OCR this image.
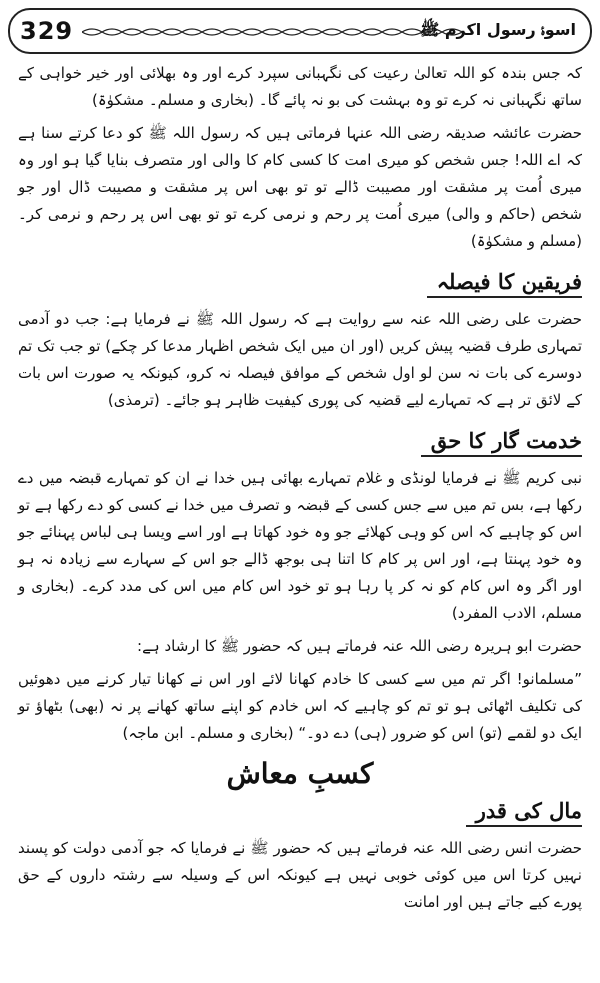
329	اسوۂ رسول اکرم ﷺ

کہ جس بندہ کو اللہ تعالیٰ رعیت کی نگہبانی سپرد کرے اور وہ بھلائی اور خیر خواہی کے ساتھ نگہبانی نہ کرے تو وہ بہشت کی بو نہ پائے گا۔ (بخاری و مسلم۔ مشکوٰۃ)

حضرت عائشہ صدیقہ رضی اللہ عنہا فرماتی ہیں کہ رسول اللہ ﷺ کو دعا کرتے سنا ہے کہ اے اللہ! جس شخص کو میری امت کا کسی کام کا والی اور متصرف بنایا گیا ہو اور وہ میری اُمت پر مشقت اور مصیبت ڈالے تو تو بھی اس پر مشقت و مصیبت ڈال اور جو شخص (حاکم و والی) میری اُمت پر رحم و نرمی کرے تو تو بھی اس پر رحم و نرمی کر۔ (مسلم و مشکوٰۃ)

فریقین کا فیصلہ

حضرت علی رضی اللہ عنہ سے روایت ہے کہ رسول اللہ ﷺ نے فرمایا ہے: جب دو آدمی تمہاری طرف قضیہ پیش کریں (اور ان میں ایک شخص اظہار مدعا کر چکے) تو جب تک تم دوسرے کی بات نہ سن لو اول شخص کے موافق فیصلہ نہ کرو، کیونکہ یہ صورت اس بات کے لائق تر ہے کہ تمہارے لیے قضیہ کی پوری کیفیت ظاہر ہو جائے۔ (ترمذی)

خدمت گار کا حق

نبی کریم ﷺ نے فرمایا لونڈی و غلام تمہارے بھائی ہیں خدا نے ان کو تمہارے قبضہ میں دے رکھا ہے، بس تم میں سے جس کسی کے قبضہ و تصرف میں خدا نے کسی کو دے رکھا ہے تو اس کو چاہیے کہ اس کو وہی کھلائے جو وہ خود کھاتا ہے اور اسے ویسا ہی لباس پہنائے جو وہ خود پہنتا ہے، اور اس پر کام کا اتنا ہی بوجھ ڈالے جو اس کے سہارے سے زیادہ نہ ہو اور اگر وہ اس کام کو نہ کر پا رہا ہو تو خود اس کام میں اس کی مدد کرے۔ (بخاری و مسلم، الادب المفرد)

حضرت ابو ہریرہ رضی اللہ عنہ فرماتے ہیں کہ حضور ﷺ کا ارشاد ہے:

”مسلمانو! اگر تم میں سے کسی کا خادم کھانا لائے اور اس نے کھانا تیار کرنے میں دھوئیں کی تکلیف اٹھائی ہو تو تم کو چاہیے کہ اس خادم کو اپنے ساتھ کھانے پر نہ (بھی) بٹھاؤ تو ایک دو لقمے (تو) اس کو ضرور (ہی) دے دو۔“ (بخاری و مسلم۔ ابن ماجہ)

کسبِ معاش
مال کی قدر

حضرت انس رضی اللہ عنہ فرماتے ہیں کہ حضور ﷺ نے فرمایا کہ جو آدمی دولت کو پسند نہیں کرتا اس میں کوئی خوبی نہیں ہے کیونکہ اس کے وسیلہ سے رشتہ داروں کے حق پورے کیے جاتے ہیں اور امانت
